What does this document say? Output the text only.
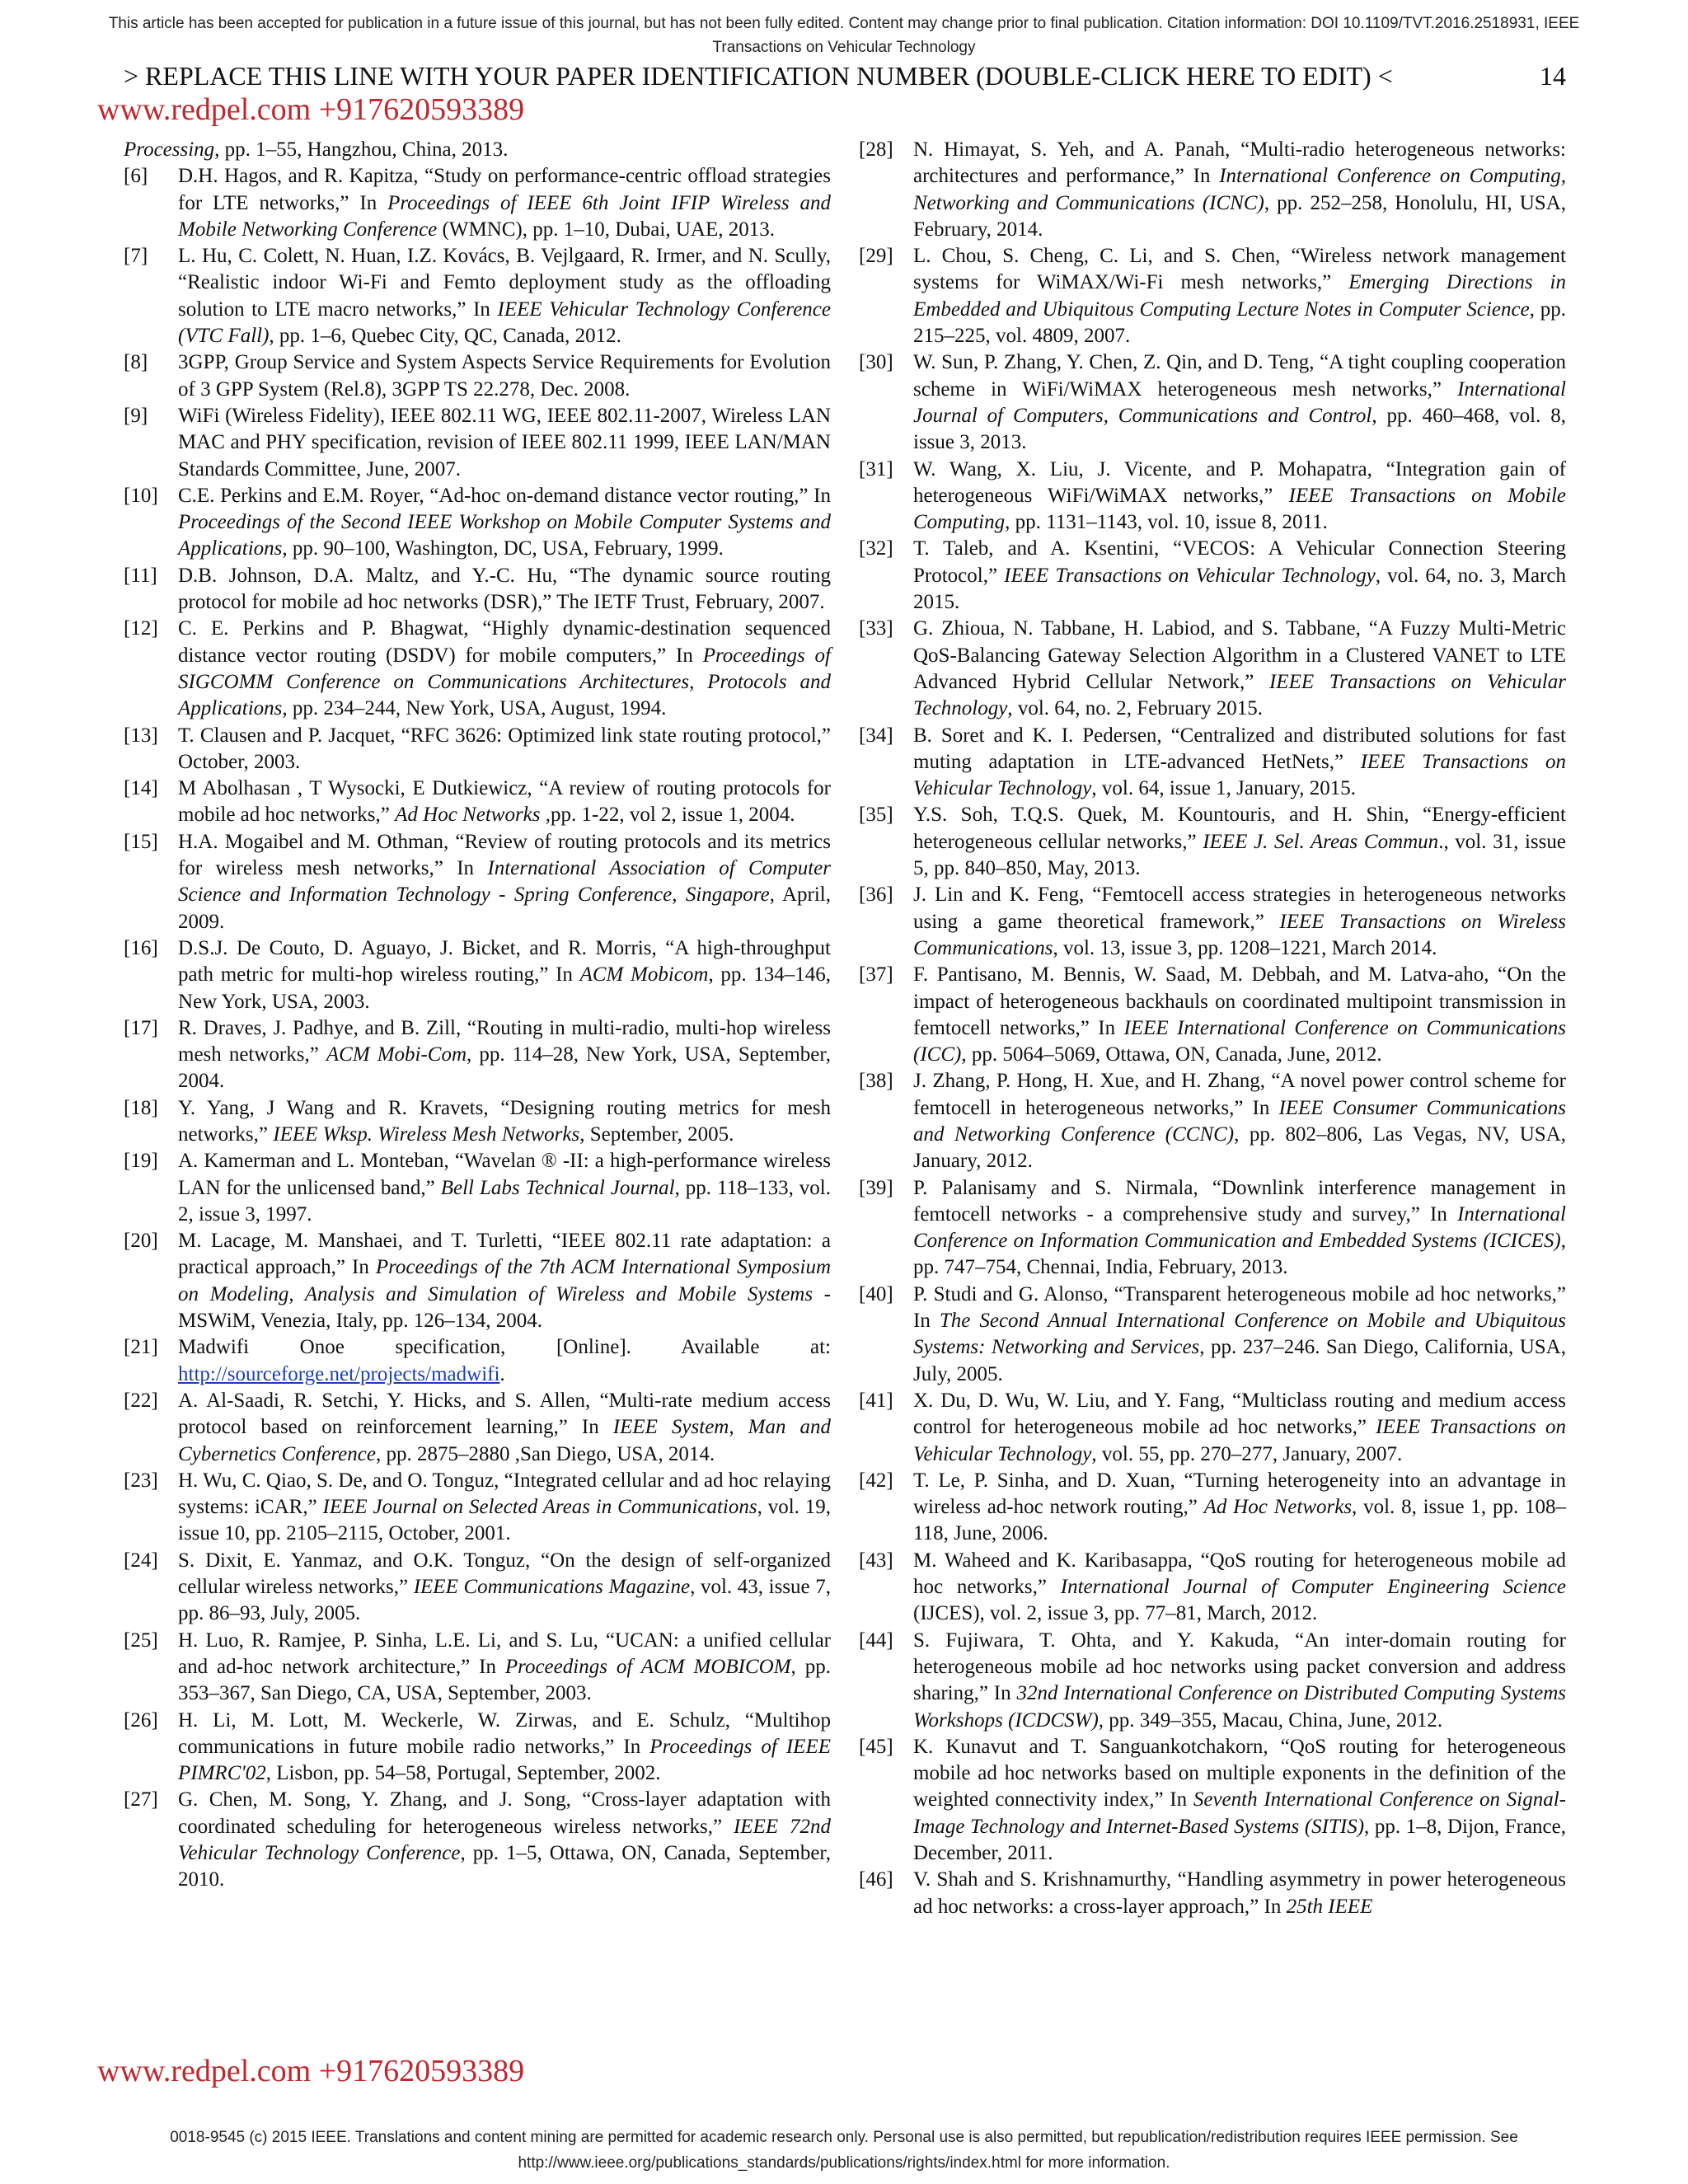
This article has been accepted for publication in a future issue of this journal, but has not been fully edited. Content may change prior to final publication. Citation information: DOI 10.1109/TVT.2016.2518931, IEEE
Transactions on Vehicular Technology
> REPLACE THIS LINE WITH YOUR PAPER IDENTIFICATION NUMBER (DOUBLE-CLICK HERE TO EDIT) <	14
www.redpel.com +917620593389
Processing, pp. 1–55, Hangzhou, China, 2013.
[6] D.H. Hagos, and R. Kapitza, “Study on performance-centric offload strategies for LTE networks,” In Proceedings of IEEE 6th Joint IFIP Wireless and Mobile Networking Conference (WMNC), pp. 1–10, Dubai, UAE, 2013.
[7] L. Hu, C. Colett, N. Huan, I.Z. Kovács, B. Vejlgaard, R. Irmer, and N. Scully, “Realistic indoor Wi-Fi and Femto deployment study as the offloading solution to LTE macro networks,” In IEEE Vehicular Technology Conference (VTC Fall), pp. 1–6, Quebec City, QC, Canada, 2012.
[8] 3GPP, Group Service and System Aspects Service Requirements for Evolution of 3 GPP System (Rel.8), 3GPP TS 22.278, Dec. 2008.
[9] WiFi (Wireless Fidelity), IEEE 802.11 WG, IEEE 802.11-2007, Wireless LAN MAC and PHY specification, revision of IEEE 802.11 1999, IEEE LAN/MAN Standards Committee, June, 2007.
[10] C.E. Perkins and E.M. Royer, “Ad-hoc on-demand distance vector routing,” In Proceedings of the Second IEEE Workshop on Mobile Computer Systems and Applications, pp. 90–100, Washington, DC, USA, February, 1999.
[11] D.B. Johnson, D.A. Maltz, and Y.-C. Hu, “The dynamic source routing protocol for mobile ad hoc networks (DSR),” The IETF Trust, February, 2007.
[12] C. E. Perkins and P. Bhagwat, “Highly dynamic-destination sequenced distance vector routing (DSDV) for mobile computers,” In Proceedings of SIGCOMM Conference on Communications Architectures, Protocols and Applications, pp. 234–244, New York, USA, August, 1994.
[13] T. Clausen and P. Jacquet, “RFC 3626: Optimized link state routing protocol,” October, 2003.
[14] M Abolhasan , T Wysocki, E Dutkiewicz, “A review of routing protocols for mobile ad hoc networks,” Ad Hoc Networks ,pp. 1-22, vol 2, issue 1, 2004.
[15] H.A. Mogaibel and M. Othman, “Review of routing protocols and its metrics for wireless mesh networks,” In International Association of Computer Science and Information Technology - Spring Conference, Singapore, April, 2009.
[16] D.S.J. De Couto, D. Aguayo, J. Bicket, and R. Morris, “A high-throughput path metric for multi-hop wireless routing,” In ACM Mobicom, pp. 134–146, New York, USA, 2003.
[17] R. Draves, J. Padhye, and B. Zill, “Routing in multi-radio, multi-hop wireless mesh networks,” ACM Mobi-Com, pp. 114–28, New York, USA, September, 2004.
[18] Y. Yang, J Wang and R. Kravets, “Designing routing metrics for mesh networks,” IEEE Wksp. Wireless Mesh Networks, September, 2005.
[19] A. Kamerman and L. Monteban, “Wavelan ® -II: a high-performance wireless LAN for the unlicensed band,” Bell Labs Technical Journal, pp. 118–133, vol. 2, issue 3, 1997.
[20] M. Lacage, M. Manshaei, and T. Turletti, “IEEE 802.11 rate adaptation: a practical approach,” In Proceedings of the 7th ACM International Symposium on Modeling, Analysis and Simulation of Wireless and Mobile Systems - MSWiM, Venezia, Italy, pp. 126–134, 2004.
[21] Madwifi Onoe specification, [Online]. Available at: http://sourceforge.net/projects/madwifi.
[22] A. Al-Saadi, R. Setchi, Y. Hicks, and S. Allen, “Multi-rate medium access protocol based on reinforcement learning,” In IEEE System, Man and Cybernetics Conference, pp. 2875–2880 ,San Diego, USA, 2014.
[23] H. Wu, C. Qiao, S. De, and O. Tonguz, “Integrated cellular and ad hoc relaying systems: iCAR,” IEEE Journal on Selected Areas in Communications, vol. 19, issue 10, pp. 2105–2115, October, 2001.
[24] S. Dixit, E. Yanmaz, and O.K. Tonguz, “On the design of self-organized cellular wireless networks,” IEEE Communications Magazine, vol. 43, issue 7, pp. 86–93, July, 2005.
[25] H. Luo, R. Ramjee, P. Sinha, L.E. Li, and S. Lu, “UCAN: a unified cellular and ad-hoc network architecture,” In Proceedings of ACM MOBICOM, pp. 353–367, San Diego, CA, USA, September, 2003.
[26] H. Li, M. Lott, M. Weckerle, W. Zirwas, and E. Schulz, “Multihop communications in future mobile radio networks,” In Proceedings of IEEE PIMRC'02, Lisbon, pp. 54–58, Portugal, September, 2002.
[27] G. Chen, M. Song, Y. Zhang, and J. Song, “Cross-layer adaptation with coordinated scheduling for heterogeneous wireless networks,” IEEE 72nd Vehicular Technology Conference, pp. 1–5, Ottawa, ON, Canada, September, 2010.
[28] N. Himayat, S. Yeh, and A. Panah, “Multi-radio heterogeneous networks: architectures and performance,” In International Conference on Computing, Networking and Communications (ICNC), pp. 252–258, Honolulu, HI, USA, February, 2014.
[29] L. Chou, S. Cheng, C. Li, and S. Chen, “Wireless network management systems for WiMAX/Wi-Fi mesh networks,” Emerging Directions in Embedded and Ubiquitous Computing Lecture Notes in Computer Science, pp. 215–225, vol. 4809, 2007.
[30] W. Sun, P. Zhang, Y. Chen, Z. Qin, and D. Teng, “A tight coupling cooperation scheme in WiFi/WiMAX heterogeneous mesh networks,” International Journal of Computers, Communications and Control, pp. 460–468, vol. 8, issue 3, 2013.
[31] W. Wang, X. Liu, J. Vicente, and P. Mohapatra, “Integration gain of heterogeneous WiFi/WiMAX networks,” IEEE Transactions on Mobile Computing, pp. 1131–1143, vol. 10, issue 8, 2011.
[32] T. Taleb, and A. Ksentini, “VECOS: A Vehicular Connection Steering Protocol,” IEEE Transactions on Vehicular Technology, vol. 64, no. 3, March 2015.
[33] G. Zhioua, N. Tabbane, H. Labiod, and S. Tabbane, “A Fuzzy Multi-Metric QoS-Balancing Gateway Selection Algorithm in a Clustered VANET to LTE Advanced Hybrid Cellular Network,” IEEE Transactions on Vehicular Technology, vol. 64, no. 2, February 2015.
[34] B. Soret and K. I. Pedersen, “Centralized and distributed solutions for fast muting adaptation in LTE-advanced HetNets,” IEEE Transactions on Vehicular Technology, vol. 64, issue 1, January, 2015.
[35] Y.S. Soh, T.Q.S. Quek, M. Kountouris, and H. Shin, “Energy-efficient heterogeneous cellular networks,” IEEE J. Sel. Areas Commun., vol. 31, issue 5, pp. 840–850, May, 2013.
[36] J. Lin and K. Feng, “Femtocell access strategies in heterogeneous networks using a game theoretical framework,” IEEE Transactions on Wireless Communications, vol. 13, issue 3, pp. 1208–1221, March 2014.
[37] F. Pantisano, M. Bennis, W. Saad, M. Debbah, and M. Latva-aho, “On the impact of heterogeneous backhauls on coordinated multipoint transmission in femtocell networks,” In IEEE International Conference on Communications (ICC), pp. 5064–5069, Ottawa, ON, Canada, June, 2012.
[38] J. Zhang, P. Hong, H. Xue, and H. Zhang, “A novel power control scheme for femtocell in heterogeneous networks,” In IEEE Consumer Communications and Networking Conference (CCNC), pp. 802–806, Las Vegas, NV, USA, January, 2012.
[39] P. Palanisamy and S. Nirmala, “Downlink interference management in femtocell networks - a comprehensive study and survey,” In International Conference on Information Communication and Embedded Systems (ICICES), pp. 747–754, Chennai, India, February, 2013.
[40] P. Studi and G. Alonso, “Transparent heterogeneous mobile ad hoc networks,” In The Second Annual International Conference on Mobile and Ubiquitous Systems: Networking and Services, pp. 237–246. San Diego, California, USA, July, 2005.
[41] X. Du, D. Wu, W. Liu, and Y. Fang, “Multiclass routing and medium access control for heterogeneous mobile ad hoc networks,” IEEE Transactions on Vehicular Technology, vol. 55, pp. 270–277, January, 2007.
[42] T. Le, P. Sinha, and D. Xuan, “Turning heterogeneity into an advantage in wireless ad-hoc network routing,” Ad Hoc Networks, vol. 8, issue 1, pp. 108–118, June, 2006.
[43] M. Waheed and K. Karibasappa, “QoS routing for heterogeneous mobile ad hoc networks,” International Journal of Computer Engineering Science (IJCES), vol. 2, issue 3, pp. 77–81, March, 2012.
[44] S. Fujiwara, T. Ohta, and Y. Kakuda, “An inter-domain routing for heterogeneous mobile ad hoc networks using packet conversion and address sharing,” In 32nd International Conference on Distributed Computing Systems Workshops (ICDCSW), pp. 349–355, Macau, China, June, 2012.
[45] K. Kunavut and T. Sanguankotchakorn, “QoS routing for heterogeneous mobile ad hoc networks based on multiple exponents in the definition of the weighted connectivity index,” In Seventh International Conference on Signal-Image Technology and Internet-Based Systems (SITIS), pp. 1–8, Dijon, France, December, 2011.
[46] V. Shah and S. Krishnamurthy, “Handling asymmetry in power heterogeneous ad hoc networks: a cross-layer approach,” In 25th IEEE
www.redpel.com +917620593389
0018-9545 (c) 2015 IEEE. Translations and content mining are permitted for academic research only. Personal use is also permitted, but republication/redistribution requires IEEE permission. See
http://www.ieee.org/publications_standards/publications/rights/index.html for more information.
